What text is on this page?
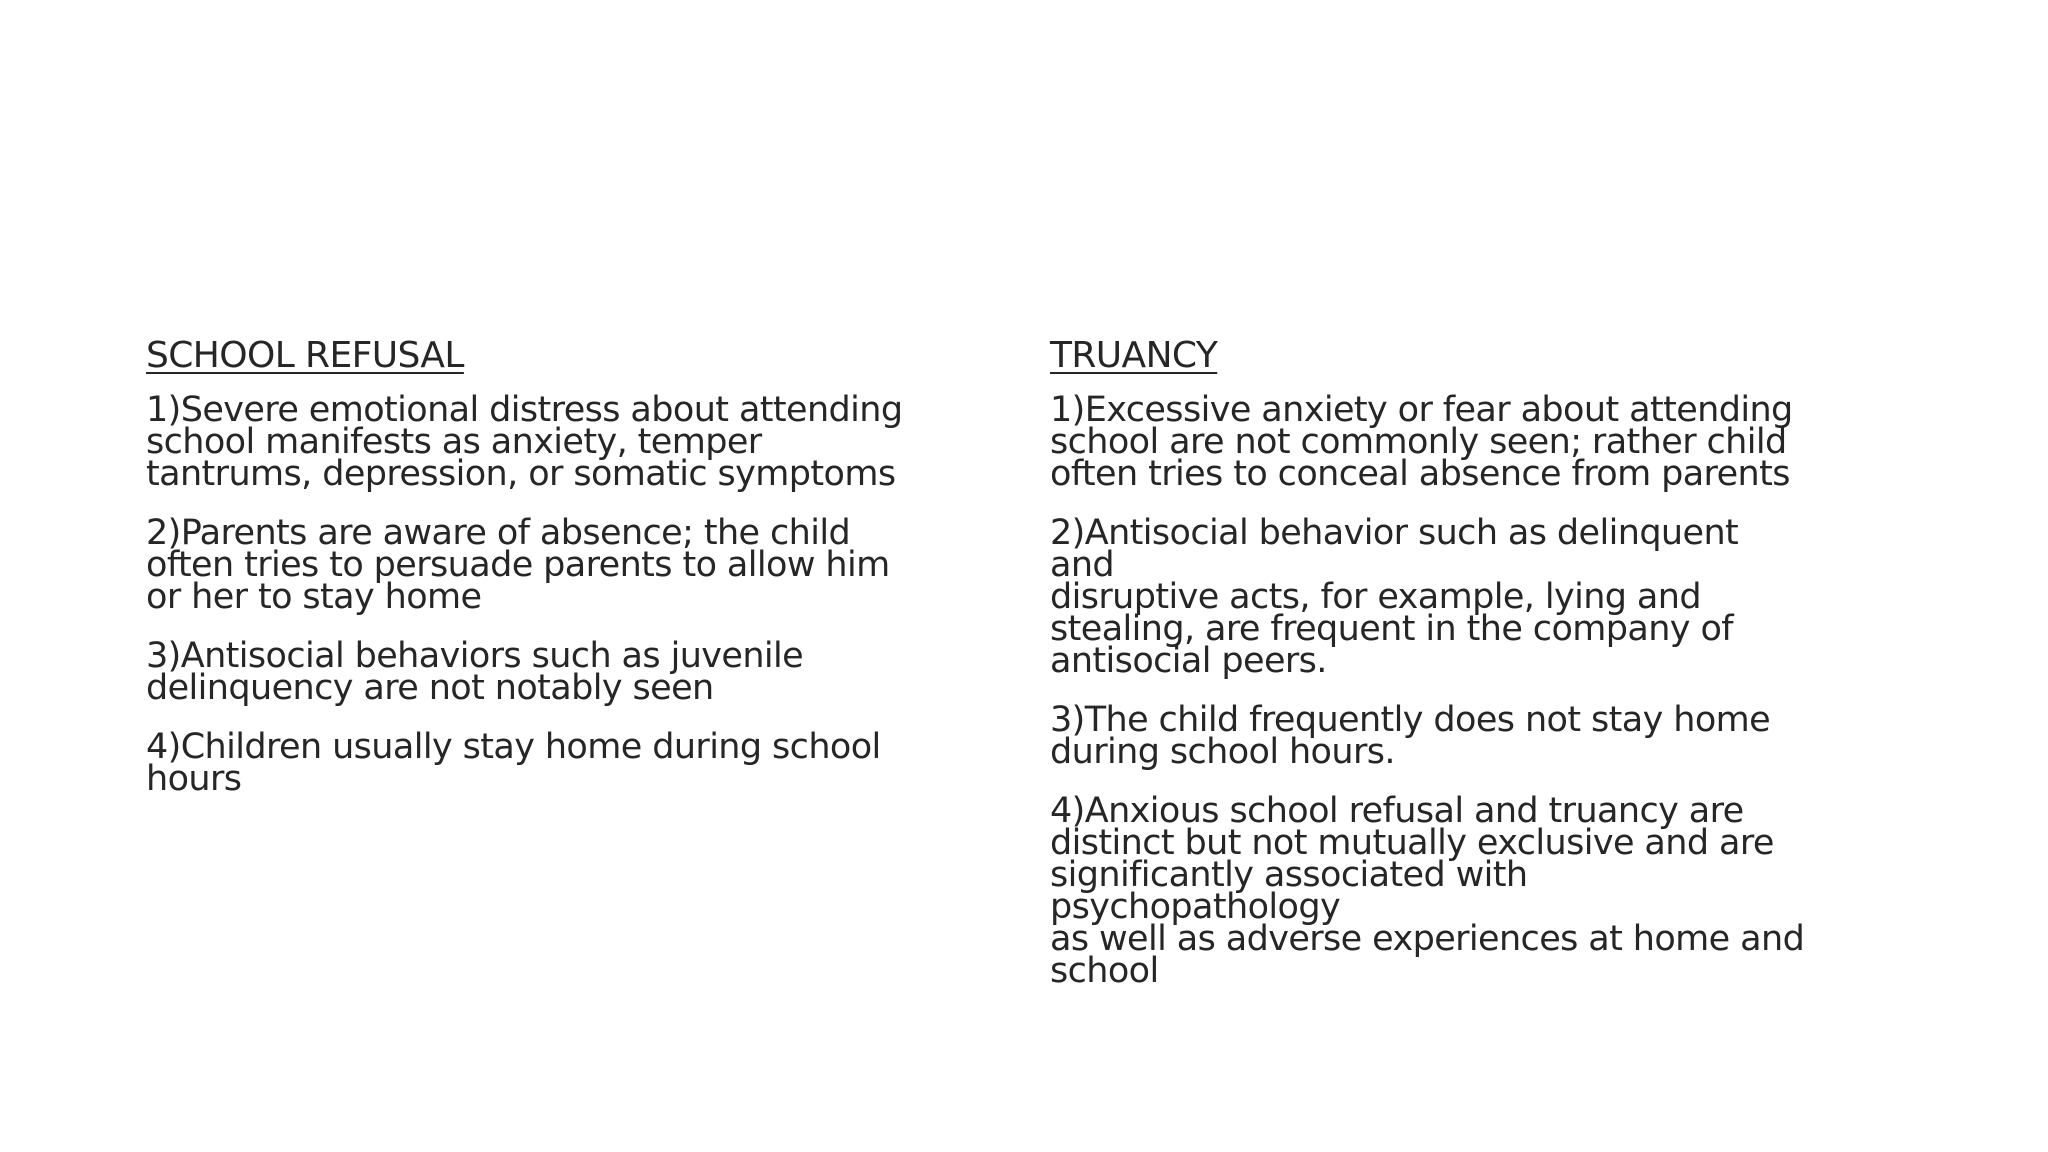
SCHOOL REFUSAL
1)Severe emotional distress about attending
school manifests as anxiety, temper
tantrums, depression, or somatic symptoms
2)Parents are aware of absence; the child
often tries to persuade parents to allow him
or her to stay home
3)Antisocial behaviors such as juvenile
delinquency are not notably seen
4)Children usually stay home during school
hours
TRUANCY
1)Excessive anxiety or fear about attending
school are not commonly seen; rather child
often tries to conceal absence from parents
2)Antisocial behavior such as delinquent and
disruptive acts, for example, lying and
stealing, are frequent in the company of
antisocial peers.
3)The child frequently does not stay home
during school hours.
4)Anxious school refusal and truancy are
distinct but not mutually exclusive and are
significantly associated with psychopathology
as well as adverse experiences at home and
school
